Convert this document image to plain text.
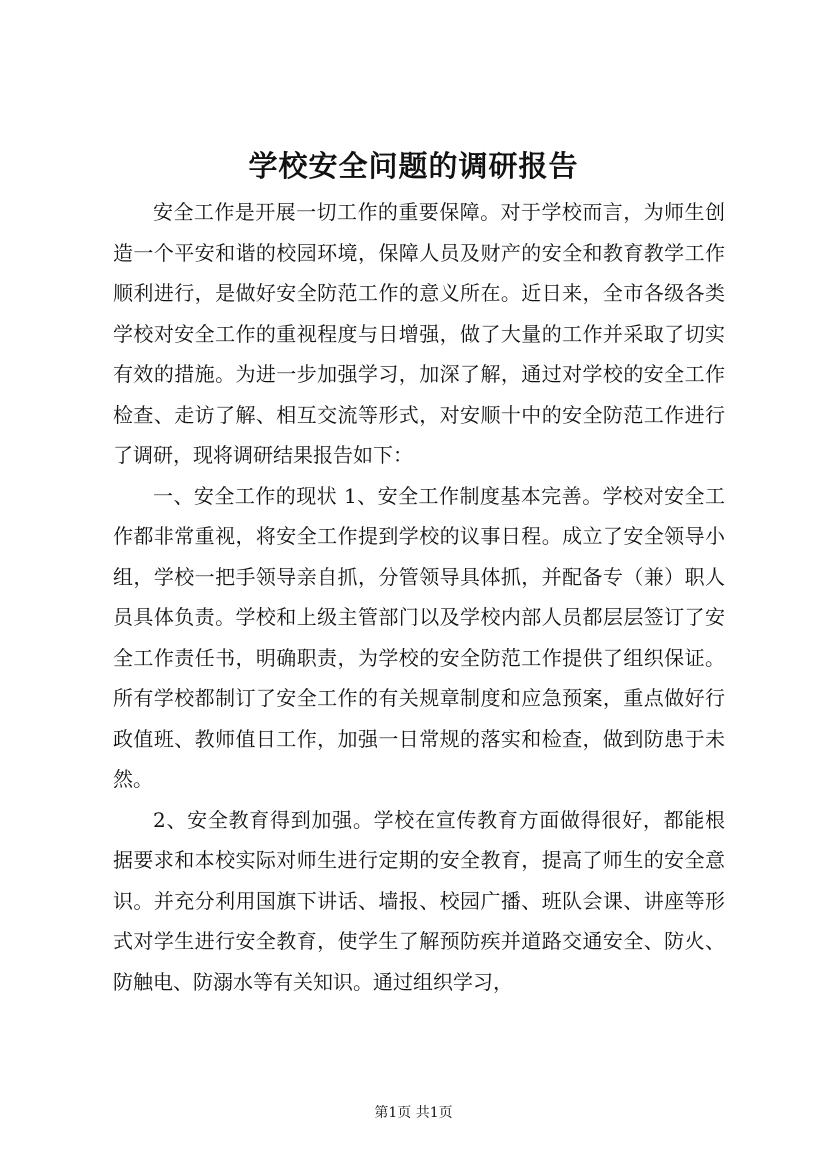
学校安全问题的调研报告

安全工作是开展一切工作的重要保障。对于学校而言，为师生创造一个平安和谐的校园环境，保障人员及财产的安全和教育教学工作顺利进行，是做好安全防范工作的意义所在。近日来，全市各级各类学校对安全工作的重视程度与日增强，做了大量的工作并采取了切实有效的措施。为进一步加强学习，加深了解，通过对学校的安全工作检查、走访了解、相互交流等形式，对安顺十中的安全防范工作进行了调研，现将调研结果报告如下：

一、安全工作的现状 1、安全工作制度基本完善。学校对安全工作都非常重视，将安全工作提到学校的议事日程。成立了安全领导小组，学校一把手领导亲自抓，分管领导具体抓，并配备专（兼）职人员具体负责。学校和上级主管部门以及学校内部人员都层层签订了安全工作责任书，明确职责，为学校的安全防范工作提供了组织保证。所有学校都制订了安全工作的有关规章制度和应急预案，重点做好行政值班、教师值日工作，加强一日常规的落实和检查，做到防患于未然。

2、安全教育得到加强。学校在宣传教育方面做得很好，都能根据要求和本校实际对师生进行定期的安全教育，提高了师生的安全意识。并充分利用国旗下讲话、墙报、校园广播、班队会课、讲座等形式对学生进行安全教育，使学生了解预防疾并道路交通安全、防火、防触电、防溺水等有关知识。通过组织学习，

第1页 共1页
